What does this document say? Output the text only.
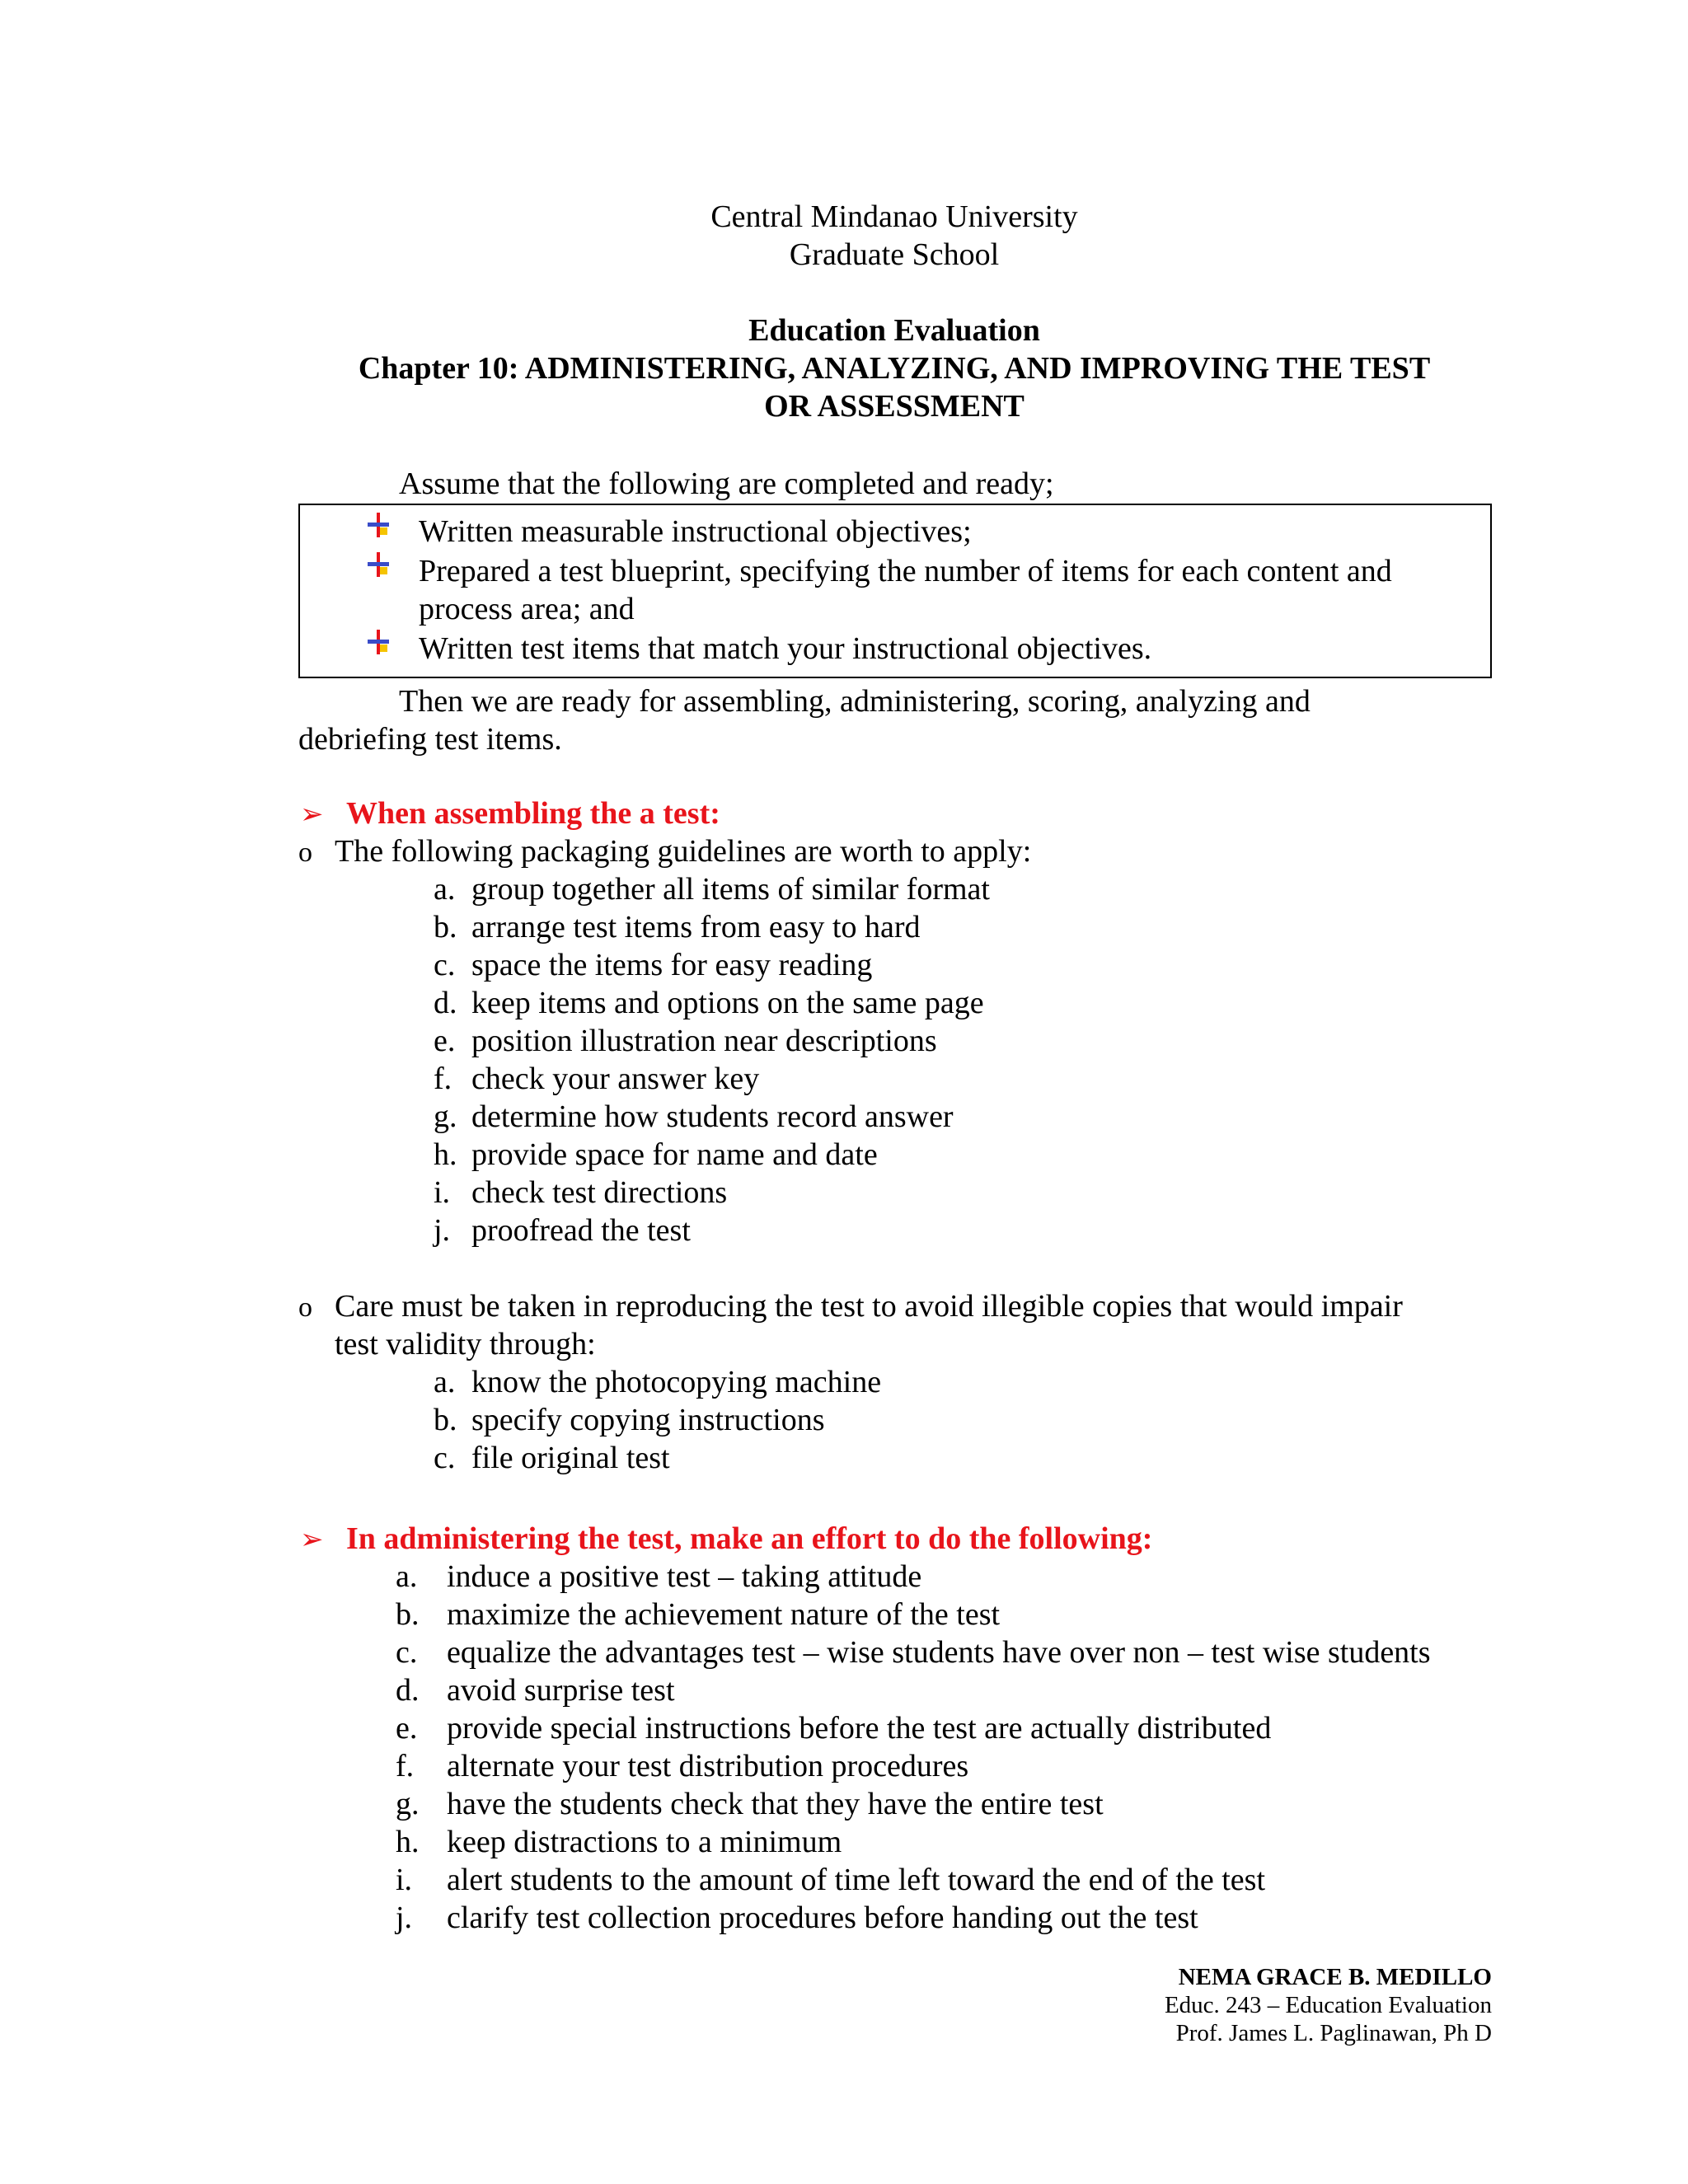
Central Mindanao University
Graduate School
Education Evaluation
Chapter 10: ADMINISTERING, ANALYZING, AND IMPROVING THE TEST
OR ASSESSMENT
Assume that the following are completed and ready;
Written measurable instructional objectives;
Prepared a test blueprint, specifying the number of items for each content and
process area; and
Written test items that match your instructional objectives.
Then we are ready for assembling, administering, scoring, analyzing and
debriefing test items.
➢ When assembling the a test:
o The following packaging guidelines are worth to apply:
a. group together all items of similar format
b. arrange test items from easy to hard
c. space the items for easy reading
d. keep items and options on the same page
e. position illustration near descriptions
f. check your answer key
g. determine how students record answer
h. provide space for name and date
i. check test directions
j. proofread the test
o Care must be taken in reproducing the test to avoid illegible copies that would impair
test validity through:
a. know the photocopying machine
b. specify copying instructions
c. file original test
➢ In administering the test, make an effort to do the following:
a. induce a positive test – taking attitude
b. maximize the achievement nature of the test
c. equalize the advantages test – wise students have over non – test wise students
d. avoid surprise test
e. provide special instructions before the test are actually distributed
f. alternate your test distribution procedures
g. have the students check that they have the entire test
h. keep distractions to a minimum
i. alert students to the amount of time left toward the end of the test
j. clarify test collection procedures before handing out the test
NEMA GRACE B. MEDILLO
Educ. 243 – Education Evaluation
Prof. James L. Paglinawan, Ph D
